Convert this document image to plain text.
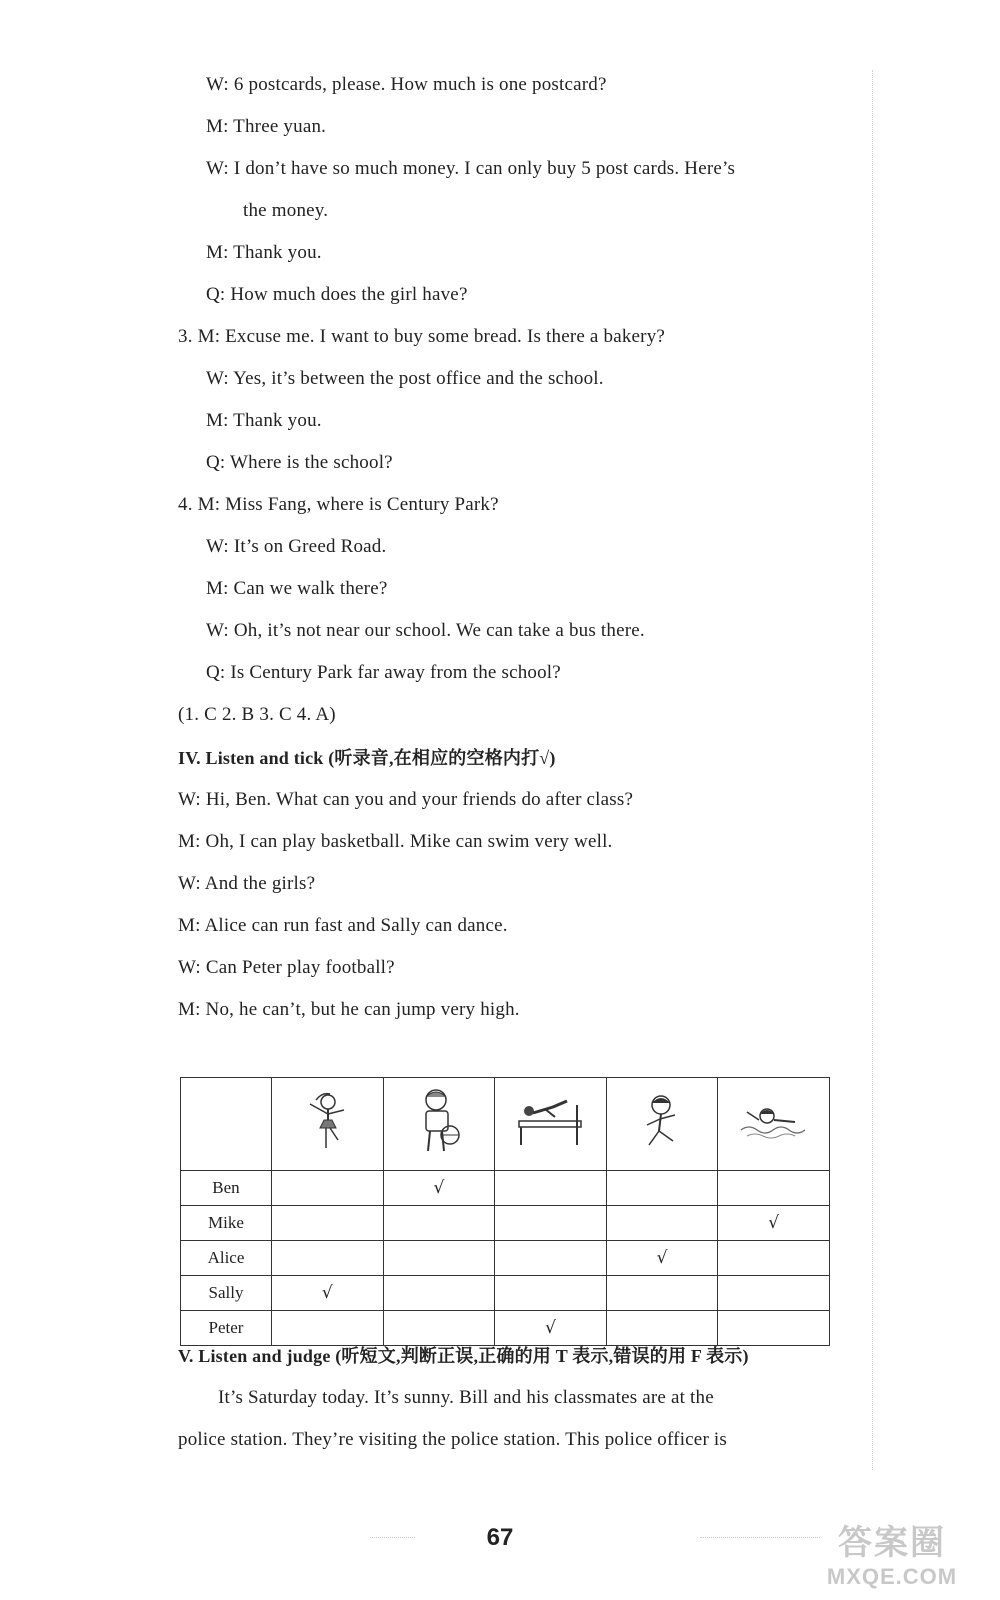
W: 6 postcards, please. How much is one postcard?
M: Three yuan.
W: I don’t have so much money. I can only buy 5 post cards. Here’s
the money.
M: Thank you.
Q: How much does the girl have?
3. M: Excuse me. I want to buy some bread. Is there a bakery?
W: Yes, it’s between the post office and the school.
M: Thank you.
Q: Where is the school?
4. M: Miss Fang, where is Century Park?
W: It’s on Greed Road.
M: Can we walk there?
W: Oh, it’s not near our school. We can take a bus there.
Q: Is Century Park far away from the school?
(1. C 2. B 3. C 4. A)
IV. Listen and tick (听录音,在相应的空格内打√)
W: Hi, Ben. What can you and your friends do after class?
M: Oh, I can play basketball. Mike can swim very well.
W: And the girls?
M: Alice can run fast and Sally can dance.
W: Can Peter play football?
M: No, he can’t, but he can jump very high.

Ben		√			
Mike					√
Alice				√	
Sally	√				
Peter			√		
V. Listen and judge (听短文,判断正误,正确的用 T 表示,错误的用 F 表示)
It’s Saturday today. It’s sunny. Bill and his classmates are at the
police station. They’re visiting the police station. This police officer is
67	答案圈
MXQE.COM
